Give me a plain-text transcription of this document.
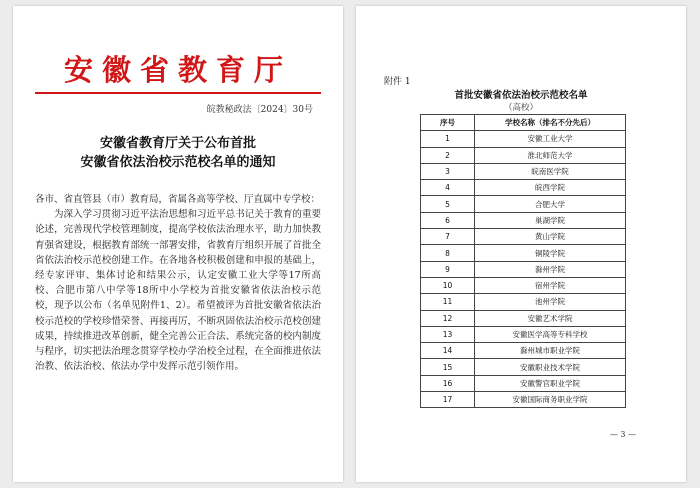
安徽省教育厅
皖教秘政法〔2024〕30号
安徽省教育厅关于公布首批
安徽省依法治校示范校名单的通知

各市、省直管县（市）教育局，省属各高等学校、厅直属中专学校：

为深入学习贯彻习近平法治思想和习近平总书记关于教育的重要论述，完善现代学校管理制度，提高学校依法治理水平，助力加快教育强省建设，根据教育部统一部署安排，省教育厅组织开展了首批全省依法治校示范校创建工作。在各地各校积极创建和申报的基础上，经专家评审、集体讨论和结果公示，认定安徽工业大学等17所高校、合肥市第八中学等18所中小学校为首批安徽省依法治校示范校，现予以公布（名单见附件1、2）。希望被评为首批安徽省依法治校示范校的学校珍惜荣誉、再接再厉，不断巩固依法治校示范校创建成果，持续推进改革创新，健全完善公正合法、系统完备的校内制度与程序，切实把法治理念贯穿学校办学治校全过程，在全面推进依法治教、依法治校、依法办学中发挥示范引领作用。

附件 1
首批安徽省依法治校示范校名单
（高校）
序号	学校名称（排名不分先后）
1	安徽工业大学
2	淮北师范大学
3	皖南医学院
4	皖西学院
5	合肥大学
6	巢湖学院
7	黄山学院
8	铜陵学院
9	滁州学院
10	宿州学院
11	池州学院
12	安徽艺术学院
13	安徽医学高等专科学校
14	滁州城市职业学院
15	安徽职业技术学院
16	安徽警官职业学院
17	安徽国际商务职业学院
— 3 —
